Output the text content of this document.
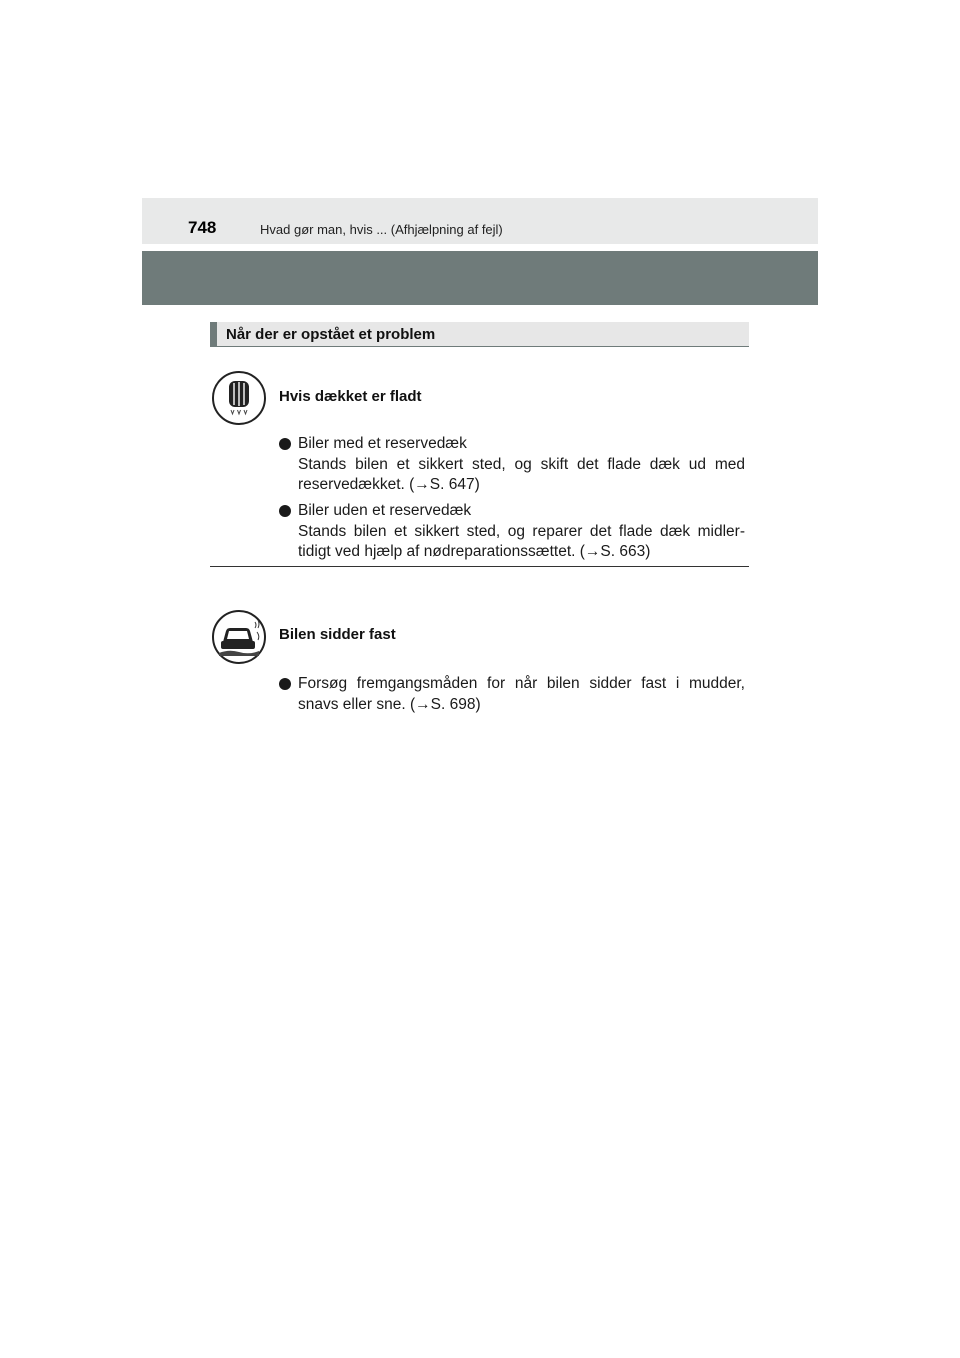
748	Hvad gør man, hvis ... (Afhjælpning af fejl)
Når der er opstået et problem
Hvis dækket er fladt
Biler med et reservedæk
Stands bilen et sikkert sted, og skift det flade dæk ud med
reservedækket. (→S. 647)
Biler uden et reservedæk
Stands bilen et sikkert sted, og reparer det flade dæk midler-
tidigt ved hjælp af nødreparationssættet. (→S. 663)
Bilen sidder fast
Forsøg fremgangsmåden for når bilen sidder fast i mudder,
snavs eller sne. (→S. 698)
